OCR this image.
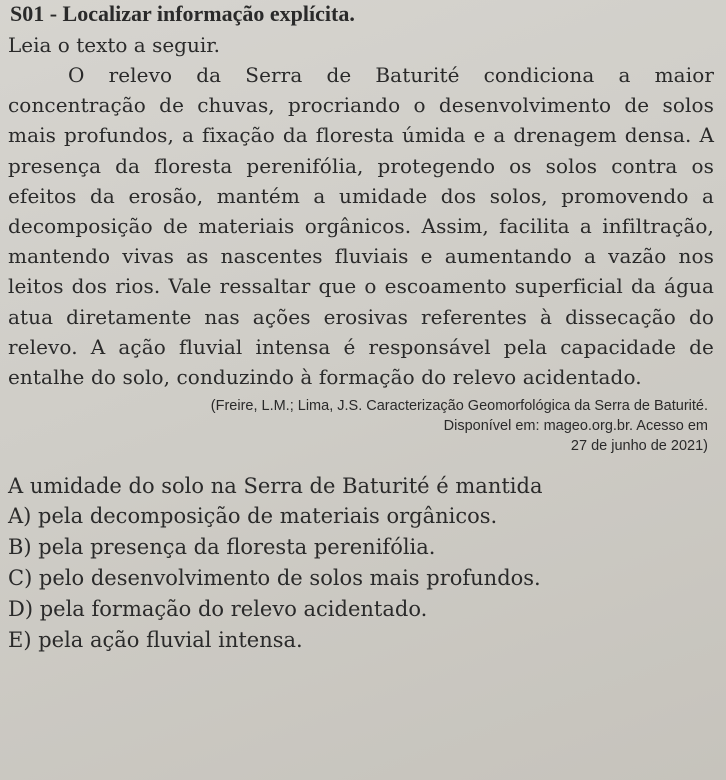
S01 - Localizar informação explícita.

Leia o texto a seguir.

O relevo da Serra de Baturité condiciona a maior concentração de chuvas, procriando o desenvolvimento de solos mais profundos, a fixação da floresta úmida e a drenagem densa. A presença da floresta perenifólia, protegendo os solos contra os efeitos da erosão, mantém a umidade dos solos, promovendo a decomposição de materiais orgânicos. Assim, facilita a infiltração, mantendo vivas as nascentes fluviais e aumentando a vazão nos leitos dos rios. Vale ressaltar que o escoamento superficial da água atua diretamente nas ações erosivas referentes à dissecação do relevo. A ação fluvial intensa é responsável pela capacidade de entalhe do solo, conduzindo à formação do relevo acidentado.

(Freire, L.M.; Lima, J.S. Caracterização Geomorfológica da Serra de Baturité.
Disponível em: mageo.org.br. Acesso em
27 de junho de 2021)

A umidade do solo na Serra de Baturité é mantida

A) pela decomposição de materiais orgânicos.
B) pela presença da floresta perenifólia.
C) pelo desenvolvimento de solos mais profundos.
D) pela formação do relevo acidentado.
E) pela ação fluvial intensa.
